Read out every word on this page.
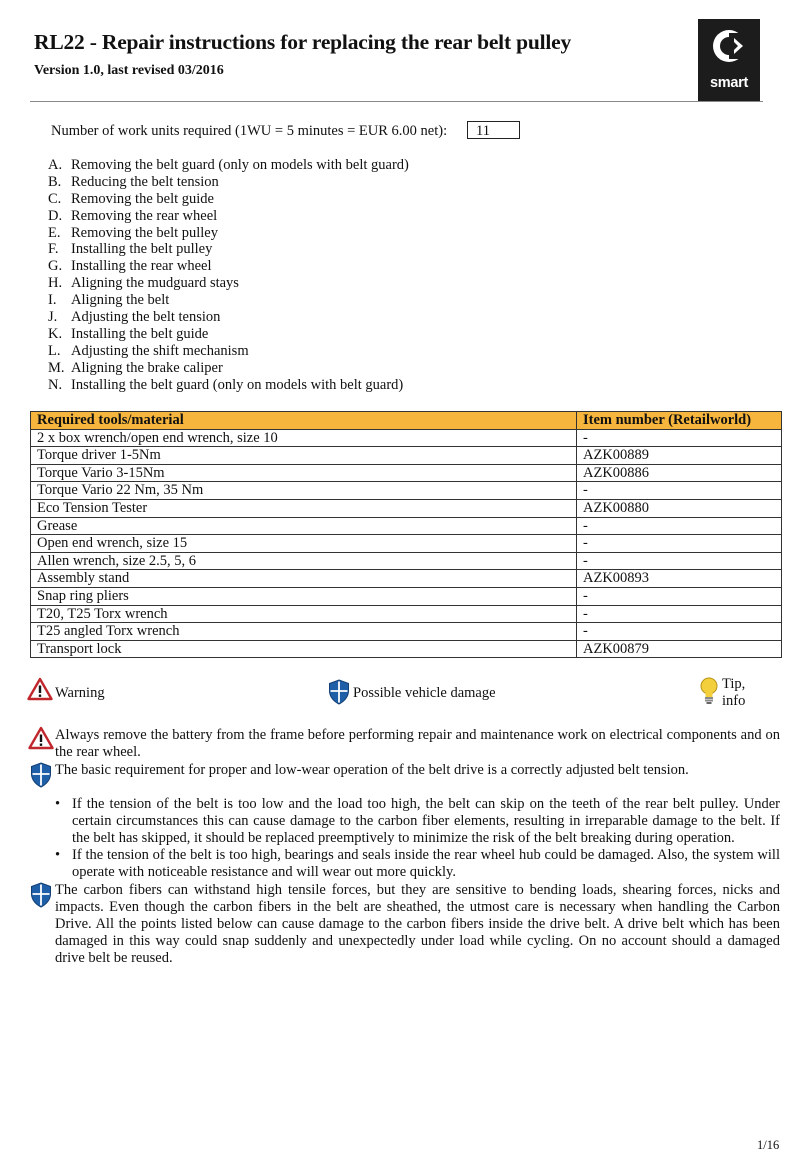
RL22 - Repair instructions for replacing the rear belt pulley
Version 1.0, last revised 03/2016
smart
Number of work units required (1WU = 5 minutes = EUR 6.00 net):	11
A. Removing the belt guard (only on models with belt guard)
B. Reducing the belt tension
C. Removing the belt guide
D. Removing the rear wheel
E. Removing the belt pulley
F. Installing the belt pulley
G. Installing the rear wheel
H. Aligning the mudguard stays
I. Aligning the belt
J. Adjusting the belt tension
K. Installing the belt guide
L. Adjusting the shift mechanism
M. Aligning the brake caliper
N. Installing the belt guard (only on models with belt guard)
Required tools/material	Item number (Retailworld)
2 x box wrench/open end wrench, size 10	-
Torque driver 1-5Nm	AZK00889
Torque Vario 3-15Nm	AZK00886
Torque Vario 22 Nm, 35 Nm	-
Eco Tension Tester	AZK00880
Grease	-
Open end wrench, size 15	-
Allen wrench, size 2.5, 5, 6	-
Assembly stand	AZK00893
Snap ring pliers	-
T20, T25 Torx wrench	-
T25 angled Torx wrench	-
Transport lock	AZK00879
Warning	Possible vehicle damage
Tip,
info
Always remove the battery from the frame before performing repair and maintenance work on electrical components and on the rear wheel.
The basic requirement for proper and low-wear operation of the belt drive is a correctly adjusted belt tension.
• If the tension of the belt is too low and the load too high, the belt can skip on the teeth of the rear belt pulley. Under certain circumstances this can cause damage to the carbon fiber elements, resulting in irreparable damage to the belt. If the belt has skipped, it should be replaced preemptively to minimize the risk of the belt breaking during operation.
• If the tension of the belt is too high, bearings and seals inside the rear wheel hub could be damaged. Also, the system will operate with noticeable resistance and will wear out more quickly.
The carbon fibers can withstand high tensile forces, but they are sensitive to bending loads, shearing forces, nicks and impacts. Even though the carbon fibers in the belt are sheathed, the utmost care is necessary when handling the Carbon Drive. All the points listed below can cause damage to the carbon fibers inside the drive belt. A drive belt which has been damaged in this way could snap suddenly and unexpectedly under load while cycling. On no account should a damaged drive belt be reused.
1/16
